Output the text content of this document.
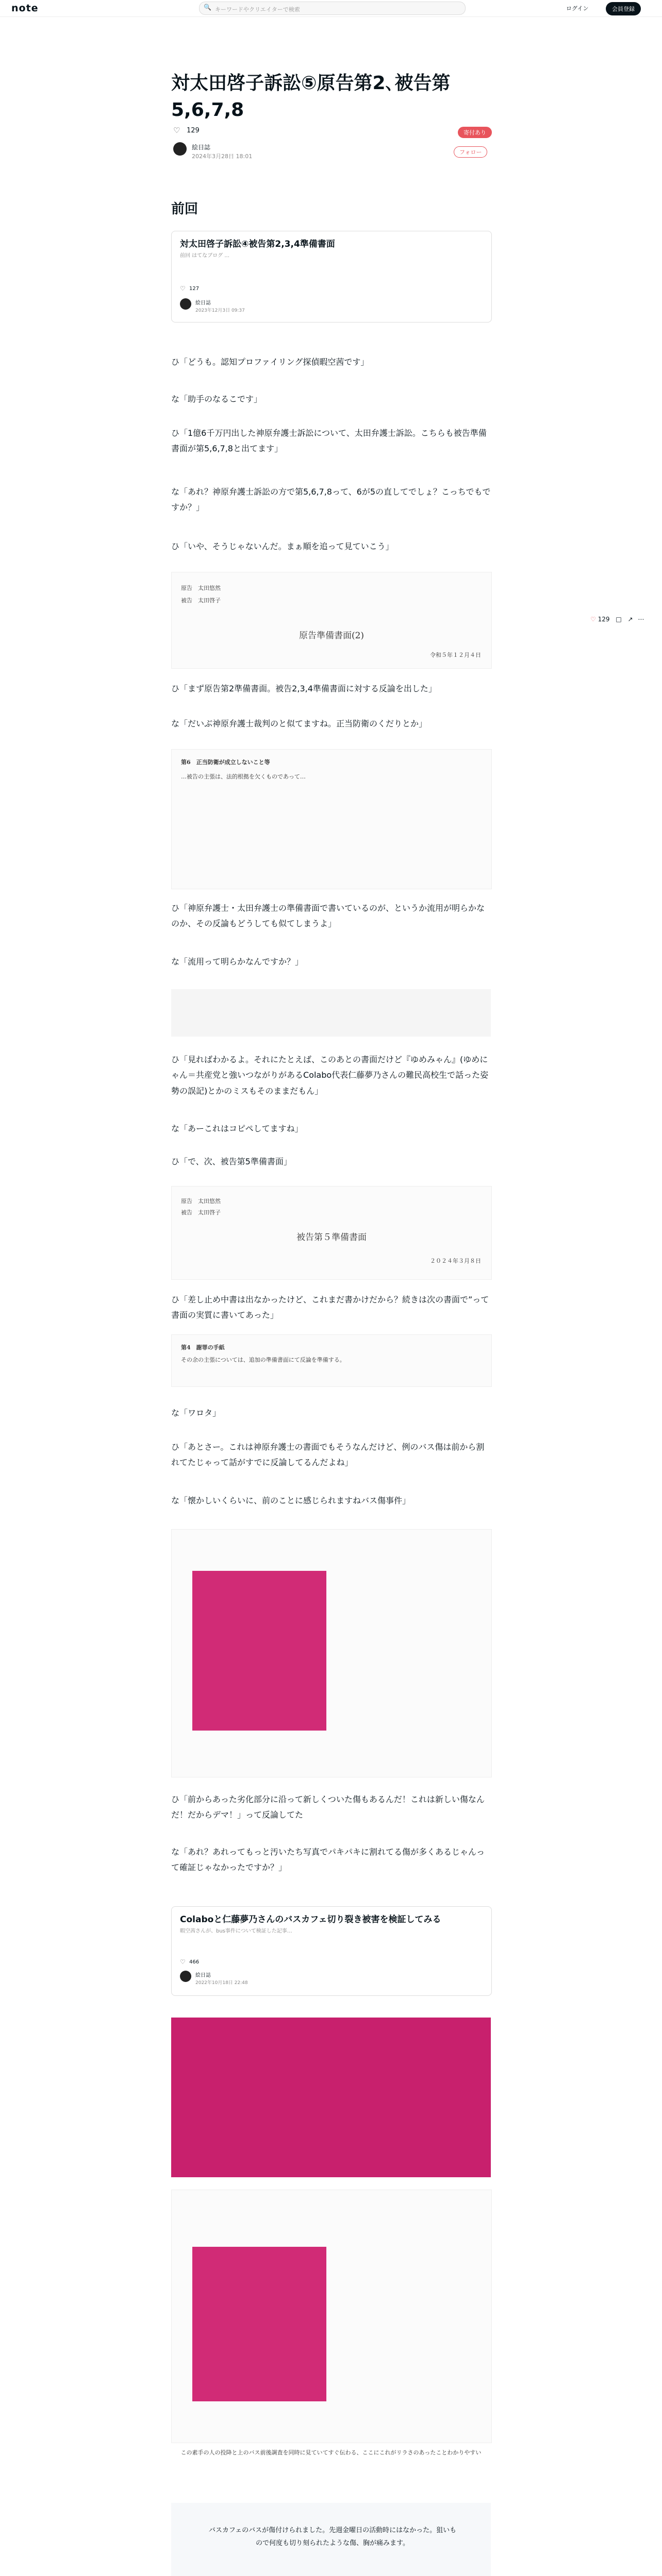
note	🔍 キーワードやクリエイターで検索	ログイン	会員登録
対太田啓子訴訟⑤原告第2､被告第5,6,7,8
♡ 129	寄付あり
絵日誌
2024年3月28日 18:01
フォロー
前回
対太田啓子訴訟④被告第2,3,4準備書面
前回 はてなブログ ...
♡ 127
絵日誌
2023年12月3日 09:37
ひ「どうも。認知プロファイリング探偵暇空茜です」
な「助手のなるこです」
ひ「1億6千万円出した神原弁護士訴訟について、太田弁護士訴訟。こちらも被告準備書面が第5,6,7,8と出てます」
な「あれ？神原弁護士訴訟の方で第5,6,7,8って、6が5の直してでしょ？こっちでもですか？」
ひ「いや、そうじゃないんだ。まぁ順を追って見ていこう」
原告　太田悠然
被告　太田啓子
原告準備書面(2)
令和５年１２月４日
ひ「まず原告第2準備書面。被告2,3,4準備書面に対する反論を出した」
な「だいぶ神原弁護士裁判のと似てますね。正当防衛のくだりとか」
第6　正当防衛が成立しないこと等
…被告の主張は、法的根拠を欠くものであって…
ひ「神原弁護士・太田弁護士の準備書面で書いているのが、というか流用が明らかなのか、その反論もどうしても似てしまうよ」
な「流用って明らかなんですか？」
ひ「見ればわかるよ。それにたとえば、このあとの書面だけど『ゆめみゃん』(ゆめにゃん＝共産党と強いつながりがあるColabo代表仁藤夢乃さんの難民高校生で話った姿勢の誤記)とかのミスもそのままだもん」
な「あーこれはコピペしてますね」
ひ「で、次、被告第5準備書面」
原告　太田悠然
被告　太田啓子
被告第５準備書面
２０２４年３月８日
ひ「差し止め中書は出なかったけど、これまだ書かけだから？続きは次の書面で”って書面の実質に書いてあった」
第4　謝罪の手紙
その余の主張については、追加の準備書面にて反論を準備する。
な「ワロタ」
ひ「あとさー。これは神原弁護士の書面でもそうなんだけど、例のバス傷は前から割れてたじゃって話がすでに反論してるんだよね」
な「懐かしいくらいに、前のことに感じられますねバス傷事件」
ひ「前からあった劣化部分に沿って新しくついた傷もあるんだ！これは新しい傷なんだ！だからデマ！」って反論してた
な「あれ？あれってもっと汚いたち写真でパキパキに割れてる傷が多くあるじゃんって確証じゃなかったですか？」
Colaboと仁藤夢乃さんのバスカフェ切り裂き被害を検証してみる
暇空茜さんが、bus事件について検証した記事…
♡ 466
絵日誌
2022年10月18日 22:48
この素手の人の投降と上のバス前後調査を同時に見ていてすぐ伝わる、ここにこれがリラさのあったことわかりやすい
バスカフェのバスが傷付けられました。先週金曜日の活動時にはなかった。狙いもので何度も切り刻られたような傷、胸が痛みます。
♡ 129 □ ↗ ⋯
